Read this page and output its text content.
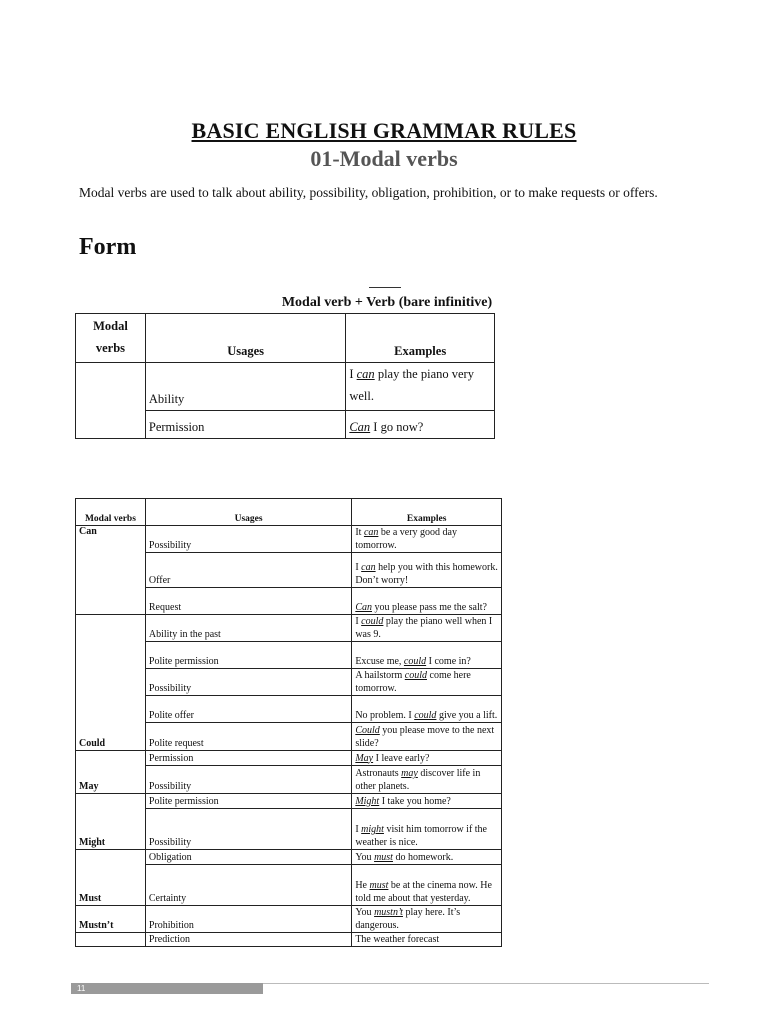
BASIC ENGLISH GRAMMAR RULES
01-Modal verbs
Modal verbs are used to talk about ability, possibility, obligation, prohibition, or to make requests or offers.
Form
Modal verb + Verb (bare infinitive)
Modal verbs	Usages	Examples
	Ability	I can play the piano very well.
	Permission	Can I go now?
Modal verbs	Usages	Examples
Can	Possibility	It can be a very good day tomorrow.
	Offer	I can help you with this homework. Don’t worry!
	Request	Can you please pass me the salt?
Could	Ability in the past	I could play the piano well when I was 9.
	Polite permission	Excuse me, could I come in?
	Possibility	A hailstorm could come here tomorrow.
	Polite offer	No problem. I could give you a lift.
	Polite request	Could you please move to the next slide?
May	Permission	May I leave early?
	Possibility	Astronauts may discover life in other planets.
Might	Polite permission	Might I take you home?
	Possibility	I might visit him tomorrow if the weather is nice.
Must	Obligation	You must do homework.
	Certainty	He must be at the cinema now. He told me about that yesterday.
Mustn’t	Prohibition	You mustn’t play here. It’s dangerous.
	Prediction	The weather forecast
11
